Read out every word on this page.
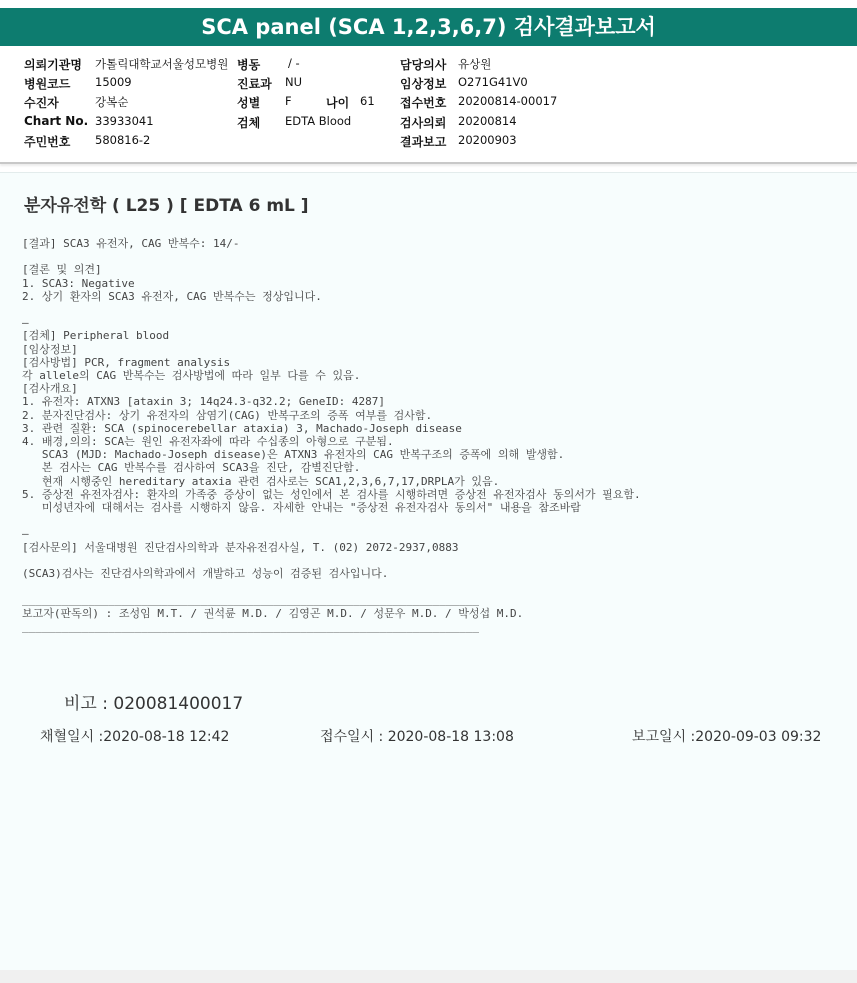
SCA panel (SCA 1,2,3,6,7) 검사결과보고서
의뢰기관명 가톨릭대학교서울성모병원 병동 / -	담당의사 유상원
병원코드 15009	진료과 NU	임상정보 O271G41V0
수진자	강복순	성별 F	나이 61 접수번호 20200814-00017
Chart No. 33933041	검체 EDTA Blood	검사의뢰 20200814
주민번호 580816-2	결과보고 20200903
분자유전학 ( L25 ) [ EDTA 6 mL ]
[결과] SCA3 유전자, CAG 반복수: 14/-

[결론 및 의견]
1. SCA3: Negative
2. 상기 환자의 SCA3 유전자, CAG 반복수는 정상입니다.

—
[검체] Peripheral blood
[임상정보]
[검사방법] PCR, fragment analysis
각 allele의 CAG 반복수는 검사방법에 따라 일부 다를 수 있음.
[검사개요]
1. 유전자: ATXN3 [ataxin 3; 14q24.3-q32.2; GeneID: 4287]
2. 분자진단검사: 상기 유전자의 삼염기(CAG) 반복구조의 증폭 여부를 검사함.
3. 관련 질환: SCA (spinocerebellar ataxia) 3, Machado-Joseph disease
4. 배경,의의: SCA는 원인 유전자좌에 따라 수십종의 아형으로 구분됨.
SCA3 (MJD: Machado-Joseph disease)은 ATXN3 유전자의 CAG 반복구조의 증폭에 의해 발생함.
본 검사는 CAG 반복수를 검사하여 SCA3을 진단, 감별진단함.
현재 시행중인 hereditary ataxia 관련 검사로는 SCA1,2,3,6,7,17,DRPLA가 있음.
5. 증상전 유전자검사: 환자의 가족중 증상이 없는 성인에서 본 검사를 시행하려면 증상전 유전자검사 동의서가 필요함.
미성년자에 대해서는 검사를 시행하지 않음. 자세한 안내는 "증상전 유전자검사 동의서" 내용을 참조바람

—
[검사문의] 서울대병원 진단검사의학과 분자유전검사실, T. (02) 2072-2937,0883

(SCA3)검사는 진단검사의학과에서 개발하고 성능이 검증된 검사입니다.

_____________________________________________________________________
보고자(판독의) : 조성임 M.T. / 권석륜 M.D. / 김영곤 M.D. / 성문우 M.D. / 박성섭 M.D.
_____________________________________________________________________
비고 : 020081400017
채혈일시 :2020-08-18 12:42	접수일시 : 2020-08-18 13:08	보고일시 :2020-09-03 09:32
